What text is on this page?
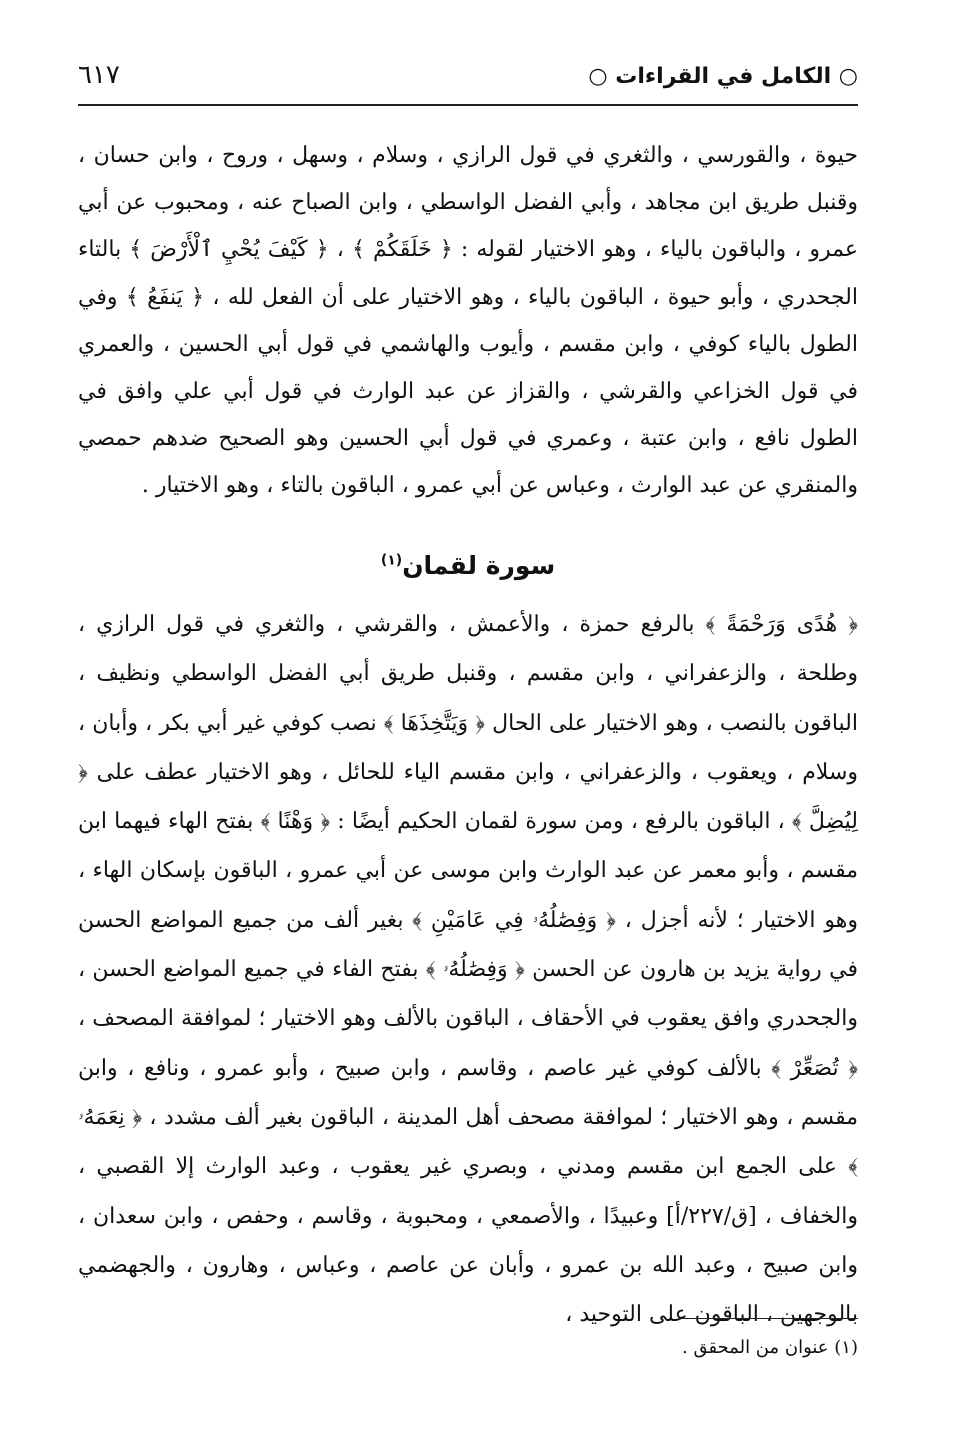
○ الكامل في القراءات ○
٦١٧

حيوة ، والقورسي ، والثغري في قول الرازي ، وسلام ، وسهل ، وروح ، وابن حسان ، وقنبل طريق ابن مجاهد ، وأبي الفضل الواسطي ، وابن الصباح عنه ، ومحبوب عن أبي عمرو ، والباقون بالياء ، وهو الاختيار لقوله : ﴿ خَلَقَكُمْ ﴾ ، ﴿ كَيْفَ يُحْيِ ٱلْأَرْضَ ﴾ بالتاء الجحدري ، وأبو حيوة ، الباقون بالياء ، وهو الاختيار على أن الفعل لله ، ﴿ يَنفَعُ ﴾ وفي الطول بالياء كوفي ، وابن مقسم ، وأيوب والهاشمي في قول أبي الحسين ، والعمري في قول الخزاعي والقرشي ، والقزاز عن عبد الوارث في قول أبي علي وافق في الطول نافع ، وابن عتبة ، وعمري في قول أبي الحسين وهو الصحيح ضدهم حمصي والمنقري عن عبد الوارث ، وعباس عن أبي عمرو ، الباقون بالتاء ، وهو الاختيار .

سورة لقمان$^{(١)}$

﴿ هُدًى وَرَحْمَةً ﴾ بالرفع حمزة ، والأعمش ، والقرشي ، والثغري في قول الرازي ، وطلحة ، والزعفراني ، وابن مقسم ، وقنبل طريق أبي الفضل الواسطي ونظيف ، الباقون بالنصب ، وهو الاختيار على الحال ﴿ وَيَتَّخِذَهَا ﴾ نصب كوفي غير أبي بكر ، وأبان ، وسلام ، ويعقوب ، والزعفراني ، وابن مقسم الياء للحائل ، وهو الاختيار عطف على ﴿ لِيُضِلَّ ﴾ ، الباقون بالرفع ، ومن سورة لقمان الحكيم أيضًا : ﴿ وَهْنًا ﴾ بفتح الهاء فيهما ابن مقسم ، وأبو معمر عن عبد الوارث وابن موسى عن أبي عمرو ، الباقون بإسكان الهاء ، وهو الاختيار ؛ لأنه أجزل ، ﴿ وَفِصَٰلُهُۥ فِي عَامَيْنِ ﴾ بغير ألف من جميع المواضع الحسن في رواية يزيد بن هارون عن الحسن ﴿ وَفِصَٰلُهُۥ ﴾ بفتح الفاء في جميع المواضع الحسن ، والجحدري وافق يعقوب في الأحقاف ، الباقون بالألف وهو الاختيار ؛ لموافقة المصحف ، ﴿ تُصَعِّرْ ﴾ بالألف كوفي غير عاصم ، وقاسم ، وابن صبيح ، وأبو عمرو ، ونافع ، وابن مقسم ، وهو الاختيار ؛ لموافقة مصحف أهل المدينة ، الباقون بغير ألف مشدد ، ﴿ نِعَمَهُۥ ﴾ على الجمع ابن مقسم ومدني ، وبصري غير يعقوب ، وعبد الوارث إلا القصبي ، والخفاف ، [ق/٢٢٧/أ] وعبيدًا ، والأصمعي ، ومحبوبة ، وقاسم ، وحفص ، وابن سعدان ، وابن صبيح ، وعبد الله بن عمرو ، وأبان عن عاصم ، وعباس ، وهارون ، والجهضمي بالوجهين ، الباقون على التوحيد ،

(١) عنوان من المحقق .
